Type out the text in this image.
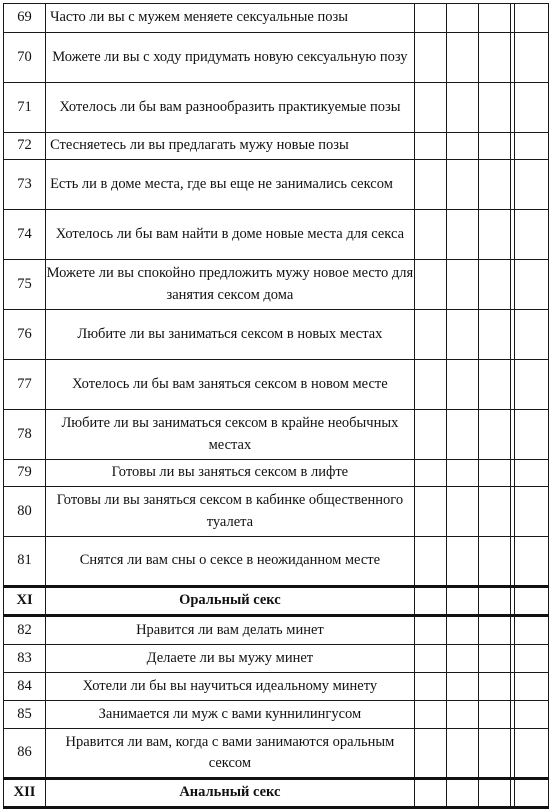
69	Часто ли вы с мужем меняете сексуальные позы					
70	Можете ли вы с ходу придумать новую сексуальную позу					
71	Хотелось ли бы вам разнообразить практикуемые позы					
72	Стесняетесь ли вы предлагать мужу новые позы					
73	Есть ли в доме места, где вы еще не занимались сексом					
74	Хотелось ли бы вам найти в доме новые места для секса					
75	Можете ли вы спокойно предложить мужу новое место для занятия сексом дома					
76	Любите ли вы заниматься сексом в новых местах					
77	Хотелось ли бы вам заняться сексом в новом месте					
78	Любите ли вы заниматься сексом в крайне необычных местах					
79	Готовы ли вы заняться сексом в лифте					
80	Готовы ли вы заняться сексом в кабинке общественного туалета					
81	Снятся ли вам сны о сексе в неожиданном месте					
XI	Оральный секс					
82	Нравится ли вам делать минет					
83	Делаете ли вы мужу минет					
84	Хотели ли бы вы научиться идеальному минету					
85	Занимается ли муж с вами куннилингусом					
86	Нравится ли вам, когда с вами занимаются оральным сексом					
XII	Анальный секс					
